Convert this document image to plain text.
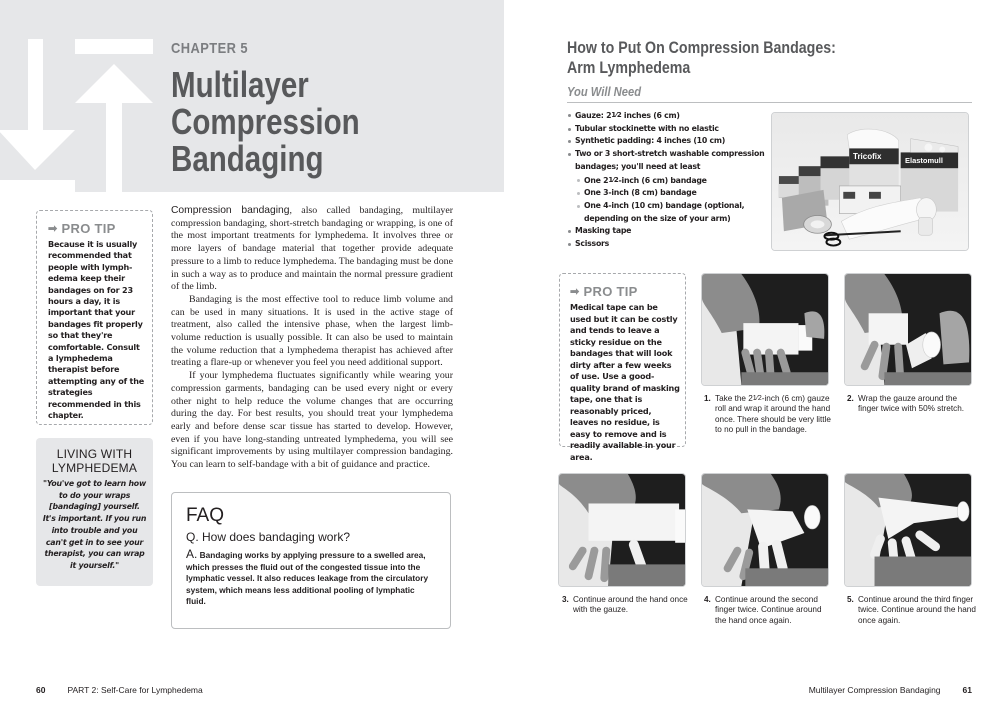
CHAPTER 5
Multilayer
Compression
Bandaging
➡ PRO TIP
Because it is usually recommended that people with lymph-edema keep their bandages on for 23 hours a day, it is important that your bandages fit properly so that they're comfortable. Consult a lymphedema therapist before attempting any of the strategies recommended in this chapter.
LIVING WITH LYMPHEDEMA
"You've got to learn how to do your wraps [bandaging] yourself. It's important. If you run into trouble and you can't get in to see your therapist, you can wrap it yourself."

Compression bandaging, also called bandaging, multilayer compression bandaging, short-stretch bandaging or wrapping, is one of the most important treatments for lymphedema. It involves three or more layers of bandage material that together provide adequate pressure to a limb to reduce lymphedema. The bandaging must be done in such a way as to produce and maintain the normal pressure gradient of the limb.

Bandaging is the most effective tool to reduce limb volume and can be used in many situations. It is used in the active stage of treatment, also called the intensive phase, when the largest limb-volume reduction is usually possible. It can also be used to maintain the volume reduction that a lymphedema therapist has achieved after treating a flare-up or whenever you feel you need additional support.

If your lymphedema fluctuates significantly while wearing your compression garments, bandaging can be used every night or every other night to help reduce the volume changes that are occurring during the day. For best results, you should treat your lymphedema early and before dense scar tissue has started to develop. However, even if you have long-standing untreated lymphedema, you will see significant improvements by using multilayer compression bandaging. You can learn to self-bandage with a bit of guidance and practice.

FAQ
Q. How does bandaging work?
A. Bandaging works by applying pressure to a swelled area, which presses the fluid out of the congested tissue into the lymphatic vessel. It also reduces leakage from the circulatory system, which means less additional pooling of lymphatic fluid.
60	PART 2: Self-Care for Lymphedema
How to Put On Compression Bandages:
Arm Lymphedema
You Will Need
Gauze: 21⁄2 inches (6 cm)
Tubular stockinette with no elastic
Synthetic padding: 4 inches (10 cm)
Two or 3 short-stretch washable compression bandages; you'll need at least
One 21⁄2-inch (6 cm) bandage
One 3-inch (8 cm) bandage
One 4-inch (10 cm) bandage (optional, depending on the size of your arm)
Masking tape
Scissors
Tricofix	Elastomull
➡ PRO TIP
Medical tape can be used but it can be costly and tends to leave a sticky residue on the bandages that will look dirty after a few weeks of use. Use a good-quality brand of masking tape, one that is reasonably priced, leaves no residue, is easy to remove and is readily available in your area.
1. Take the 21⁄2-inch (6 cm) gauze roll and wrap it around the hand once. There should be very little to no pull in the bandage.
2. Wrap the gauze around the finger twice with 50% stretch.
3. Continue around the hand once with the gauze.
4. Continue around the second finger twice. Continue around the hand once again.
5. Continue around the third finger twice. Continue around the hand once again.
Multilayer Compression Bandaging	61
